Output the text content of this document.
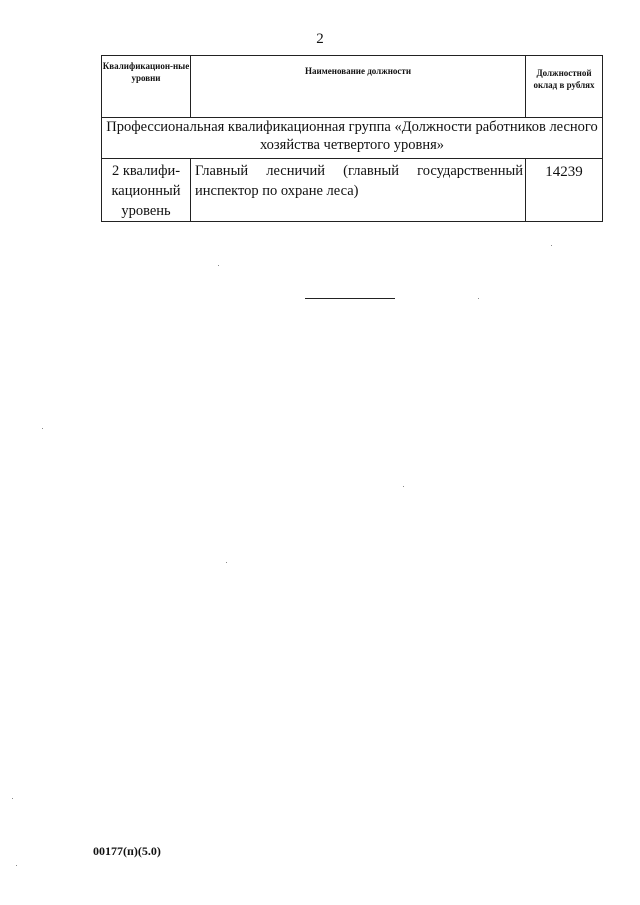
2
Квалификацион-ные уровни	Наименование должности	Должностной оклад в рублях
Профессиональная квалификационная группа «Должности работников лесного хозяйства четвертого уровня»		
2 квалифи-кационный уровень	Главный лесничий (главный государственный инспектор по охране леса)	14239
00177(п)(5.0)
